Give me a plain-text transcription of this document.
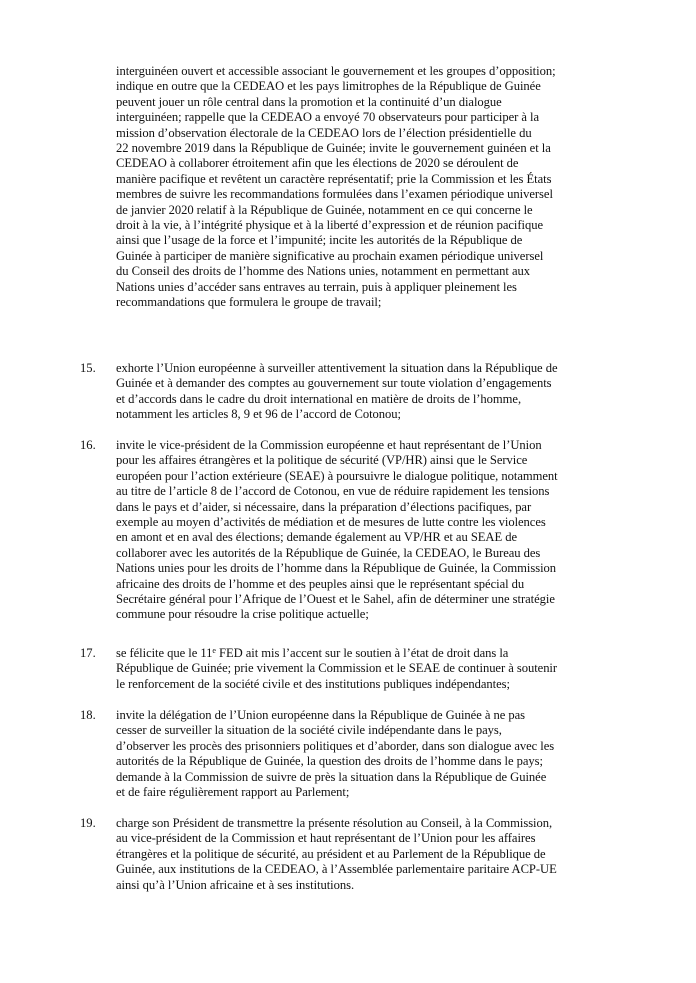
interguinéen ouvert et accessible associant le gouvernement et les groupes d’opposition;
indique en outre que la CEDEAO et les pays limitrophes de la République de Guinée
peuvent jouer un rôle central dans la promotion et la continuité d’un dialogue
interguinéen; rappelle que la CEDEAO a envoyé 70 observateurs pour participer à la
mission d’observation électorale de la CEDEAO lors de l’élection présidentielle du
22 novembre 2019 dans la République de Guinée; invite le gouvernement guinéen et la
CEDEAO à collaborer étroitement afin que les élections de 2020 se déroulent de
manière pacifique et revêtent un caractère représentatif; prie la Commission et les États
membres de suivre les recommandations formulées dans l’examen périodique universel
de janvier 2020 relatif à la République de Guinée, notamment en ce qui concerne le
droit à la vie, à l’intégrité physique et à la liberté d’expression et de réunion pacifique
ainsi que l’usage de la force et l’impunité; incite les autorités de la République de
Guinée à participer de manière significative au prochain examen périodique universel
du Conseil des droits de l’homme des Nations unies, notamment en permettant aux
Nations unies d’accéder sans entraves au terrain, puis à appliquer pleinement les
recommandations que formulera le groupe de travail;
15. exhorte l’Union européenne à surveiller attentivement la situation dans la République de
Guinée et à demander des comptes au gouvernement sur toute violation d’engagements
et d’accords dans le cadre du droit international en matière de droits de l’homme,
notamment les articles 8, 9 et 96 de l’accord de Cotonou;
16. invite le vice-président de la Commission européenne et haut représentant de l’Union
pour les affaires étrangères et la politique de sécurité (VP/HR) ainsi que le Service
européen pour l’action extérieure (SEAE) à poursuivre le dialogue politique, notamment
au titre de l’article 8 de l’accord de Cotonou, en vue de réduire rapidement les tensions
dans le pays et d’aider, si nécessaire, dans la préparation d’élections pacifiques, par
exemple au moyen d’activités de médiation et de mesures de lutte contre les violences
en amont et en aval des élections; demande également au VP/HR et au SEAE de
collaborer avec les autorités de la République de Guinée, la CEDEAO, le Bureau des
Nations unies pour les droits de l’homme dans la République de Guinée, la Commission
africaine des droits de l’homme et des peuples ainsi que le représentant spécial du
Secrétaire général pour l’Afrique de l’Ouest et le Sahel, afin de déterminer une stratégie
commune pour résoudre la crise politique actuelle;
17. se félicite que le 11e FED ait mis l’accent sur le soutien à l’état de droit dans la
République de Guinée; prie vivement la Commission et le SEAE de continuer à soutenir
le renforcement de la société civile et des institutions publiques indépendantes;
18. invite la délégation de l’Union européenne dans la République de Guinée à ne pas
cesser de surveiller la situation de la société civile indépendante dans le pays,
d’observer les procès des prisonniers politiques et d’aborder, dans son dialogue avec les
autorités de la République de Guinée, la question des droits de l’homme dans le pays;
demande à la Commission de suivre de près la situation dans la République de Guinée
et de faire régulièrement rapport au Parlement;
19. charge son Président de transmettre la présente résolution au Conseil, à la Commission,
au vice-président de la Commission et haut représentant de l’Union pour les affaires
étrangères et la politique de sécurité, au président et au Parlement de la République de
Guinée, aux institutions de la CEDEAO, à l’Assemblée parlementaire paritaire ACP-UE
ainsi qu’à l’Union africaine et à ses institutions.
